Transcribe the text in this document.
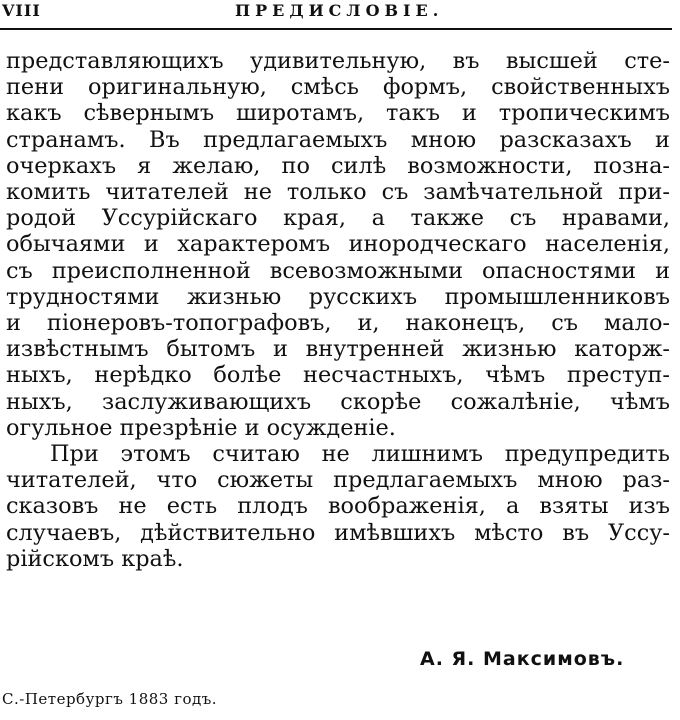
VIII	ПРЕДИСЛОВІЕ.
представляющихъ удивительную, въ высшей сте-
пени оригинальную, смѣсь формъ, свойственныхъ
какъ сѣвернымъ широтамъ, такъ и тропическимъ
странамъ. Въ предлагаемыхъ мною разсказахъ и
очеркахъ я желаю, по силѣ возможности, позна-
комить читателей не только съ замѣчательной при-
родой Уссурійскаго края, а также съ нравами,
обычаями и характеромъ инородческаго населенія,
съ преисполненной всевозможными опасностями и
трудностями жизнью русскихъ промышленниковъ
и піонеровъ-топографовъ, и, наконецъ, съ мало-
извѣстнымъ бытомъ и внутренней жизнью каторж-
ныхъ, нерѣдко болѣе несчастныхъ, чѣмъ преступ-
ныхъ, заслуживающихъ скорѣе сожалѣніе, чѣмъ
огульное презрѣніе и осужденіе.
При этомъ считаю не лишнимъ предупредить
читателей, что сюжеты предлагаемыхъ мною раз-
сказовъ не есть плодъ воображенія, а взяты изъ
случаевъ, дѣйствительно имѣвшихъ мѣсто въ Уссу-
рійскомъ краѣ.
А. Я. Максимовъ.
С.-Петербургъ 1883 годъ.
